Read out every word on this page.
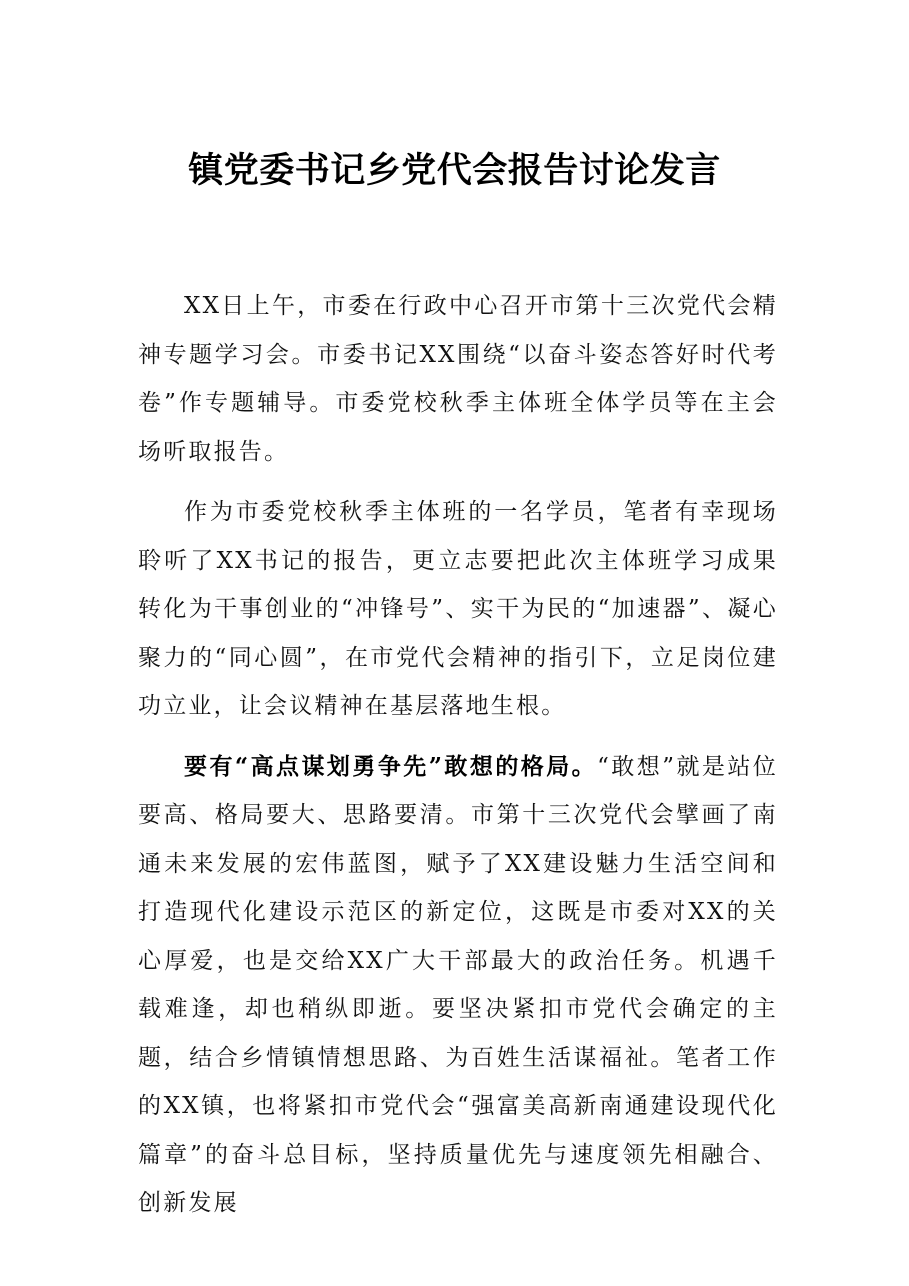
镇党委书记乡党代会报告讨论发言

XX日上午，市委在行政中心召开市第十三次党代会精神专题学习会。市委书记XX围绕“以奋斗姿态答好时代考卷”作专题辅导。市委党校秋季主体班全体学员等在主会场听取报告。

作为市委党校秋季主体班的一名学员，笔者有幸现场聆听了XX书记的报告，更立志要把此次主体班学习成果转化为干事创业的“冲锋号”、实干为民的“加速器”、凝心聚力的“同心圆”，在市党代会精神的指引下，立足岗位建功立业，让会议精神在基层落地生根。

要有“高点谋划勇争先”敢想的格局。“敢想”就是站位要高、格局要大、思路要清。市第十三次党代会擘画了南通未来发展的宏伟蓝图，赋予了XX建设魅力生活空间和打造现代化建设示范区的新定位，这既是市委对XX的关心厚爱，也是交给XX广大干部最大的政治任务。机遇千载难逢，却也稍纵即逝。要坚决紧扣市党代会确定的主题，结合乡情镇情想思路、为百姓生活谋福祉。笔者工作的XX镇，也将紧扣市党代会“强富美高新南通建设现代化篇章”的奋斗总目标，坚持质量优先与速度领先相融合、创新发展
